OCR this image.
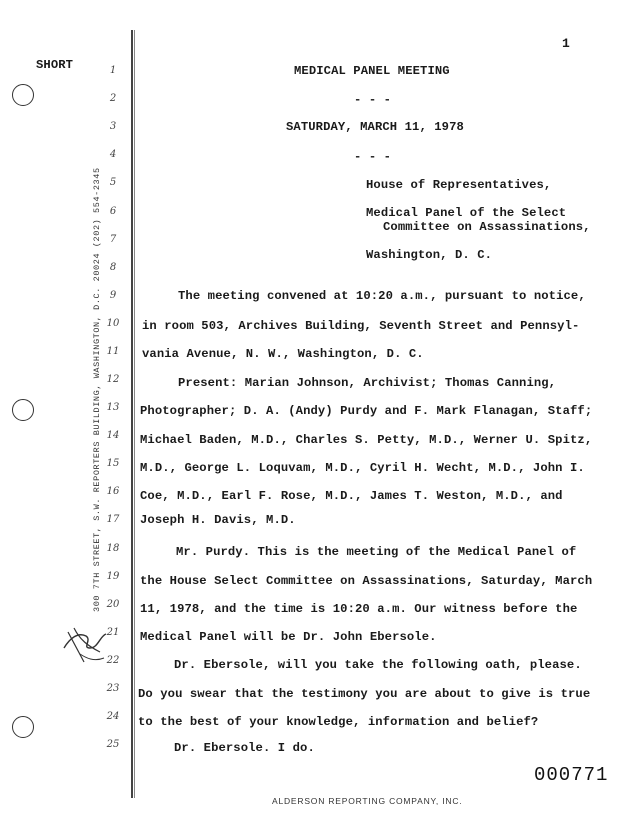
SHORT
300 7TH STREET, S.W. REPORTERS BUILDING, WASHINGTON, D.C. 20024 (202) 554-2345
1
1
2
3
4
5
6
7
8
9
10
11
12
13
14
15
16
17
18
19
20
21
22
23
24
25
MEDICAL PANEL MEETING
- - -
SATURDAY, MARCH 11, 1978
- - -
House of Representatives,
Medical Panel of the Select
Committee on Assassinations,
Washington, D. C.
The meeting convened at 10:20 a.m., pursuant to notice,
in room 503, Archives Building, Seventh Street and Pennsyl-
vania Avenue, N. W., Washington, D. C.
Present: Marian Johnson, Archivist; Thomas Canning,
Photographer; D. A. (Andy) Purdy and F. Mark Flanagan, Staff;
Michael Baden, M.D., Charles S. Petty, M.D., Werner U. Spitz,
M.D., George L. Loquvam, M.D., Cyril H. Wecht, M.D., John I.
Coe, M.D., Earl F. Rose, M.D., James T. Weston, M.D., and
Joseph H. Davis, M.D.
Mr. Purdy. This is the meeting of the Medical Panel of
the House Select Committee on Assassinations, Saturday, March
11, 1978, and the time is 10:20 a.m. Our witness before the
Medical Panel will be Dr. John Ebersole.
Dr. Ebersole, will you take the following oath, please.
Do you swear that the testimony you are about to give is true
to the best of your knowledge, information and belief?
Dr. Ebersole. I do.
000771
ALDERSON REPORTING COMPANY, INC.
